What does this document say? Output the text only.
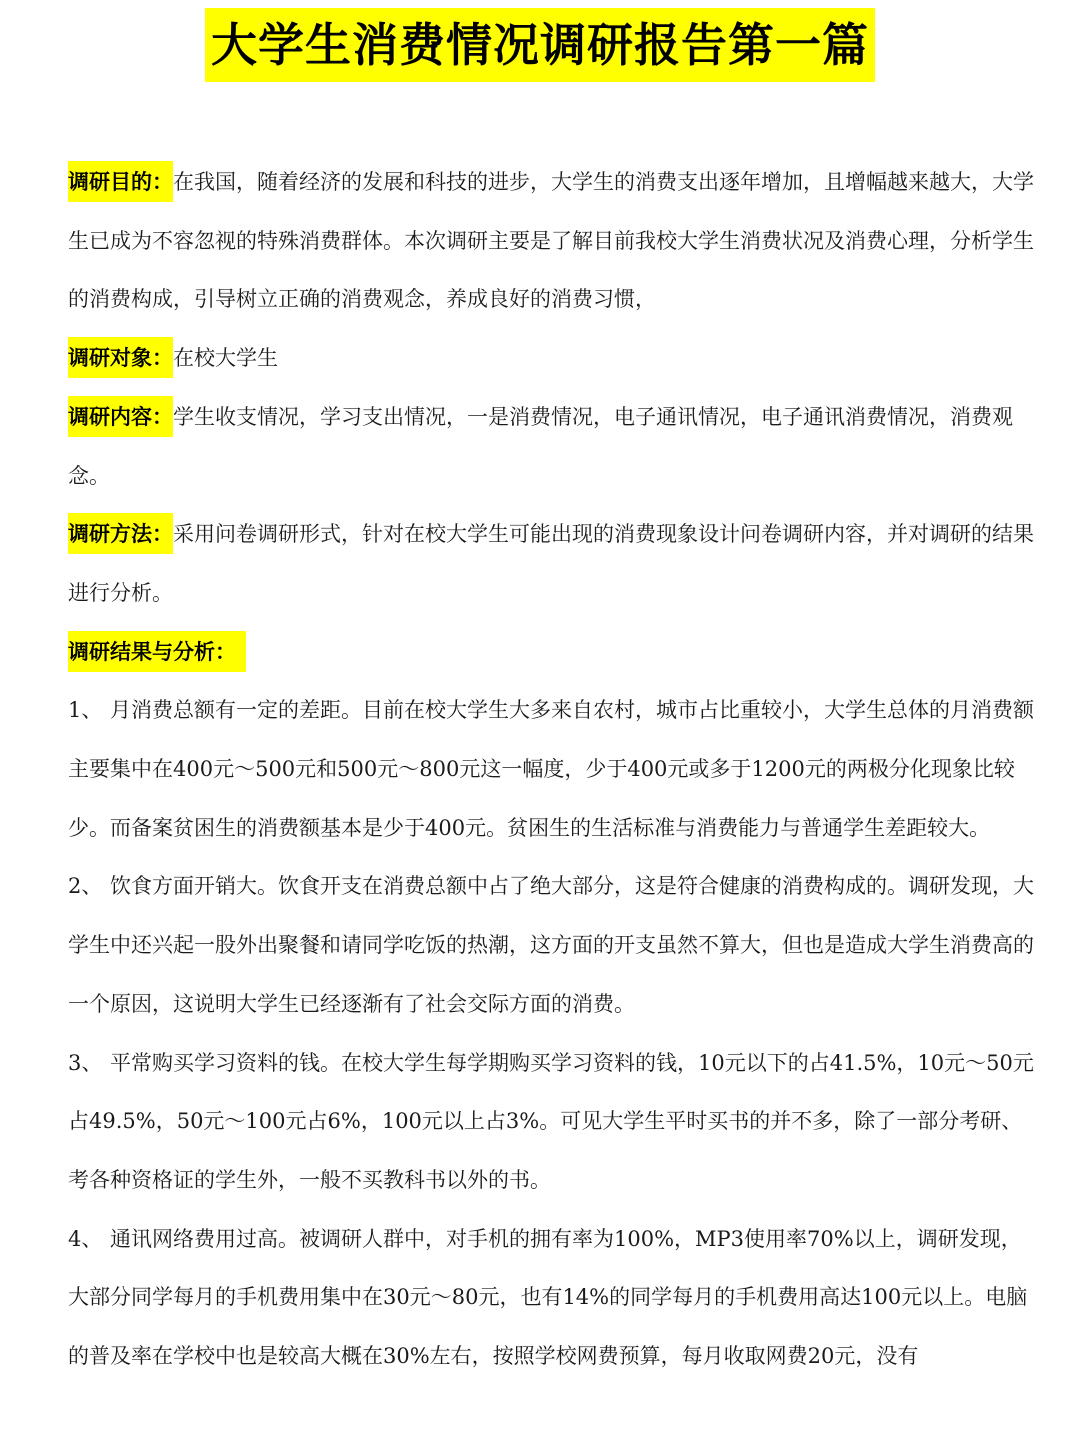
大学生消费情况调研报告第一篇

调研目的：在我国，随着经济的发展和科技的进步，大学生的消费支出逐年增加，且增幅越来越大，大学生已成为不容忽视的特殊消费群体。本次调研主要是了解目前我校大学生消费状况及消费心理，分析学生的消费构成，引导树立正确的消费观念，养成良好的消费习惯，

调研对象：在校大学生

调研内容：学生收支情况，学习支出情况，一是消费情况，电子通讯情况，电子通讯消费情况，消费观念。

调研方法：采用问卷调研形式，针对在校大学生可能出现的消费现象设计问卷调研内容，并对调研的结果进行分析。

调研结果与分析：

1、 月消费总额有一定的差距。目前在校大学生大多来自农村，城市占比重较小，大学生总体的月消费额主要集中在400元～500元和500元～800元这一幅度，少于400元或多于1200元的两极分化现象比较少。而备案贫困生的消费额基本是少于400元。贫困生的生活标准与消费能力与普通学生差距较大。

2、 饮食方面开销大。饮食开支在消费总额中占了绝大部分，这是符合健康的消费构成的。调研发现，大学生中还兴起一股外出聚餐和请同学吃饭的热潮，这方面的开支虽然不算大，但也是造成大学生消费高的一个原因，这说明大学生已经逐渐有了社会交际方面的消费。

3、 平常购买学习资料的钱。在校大学生每学期购买学习资料的钱，10元以下的占41.5%，10元～50元占49.5%，50元～100元占6%，100元以上占3%。可见大学生平时买书的并不多，除了一部分考研、考各种资格证的学生外，一般不买教科书以外的书。

4、 通讯网络费用过高。被调研人群中，对手机的拥有率为100%，MP3使用率70%以上，调研发现，大部分同学每月的手机费用集中在30元～80元，也有14%的同学每月的手机费用高达100元以上。电脑的普及率在学校中也是较高大概在30%左右，按照学校网费预算，每月收取网费20元，没有
